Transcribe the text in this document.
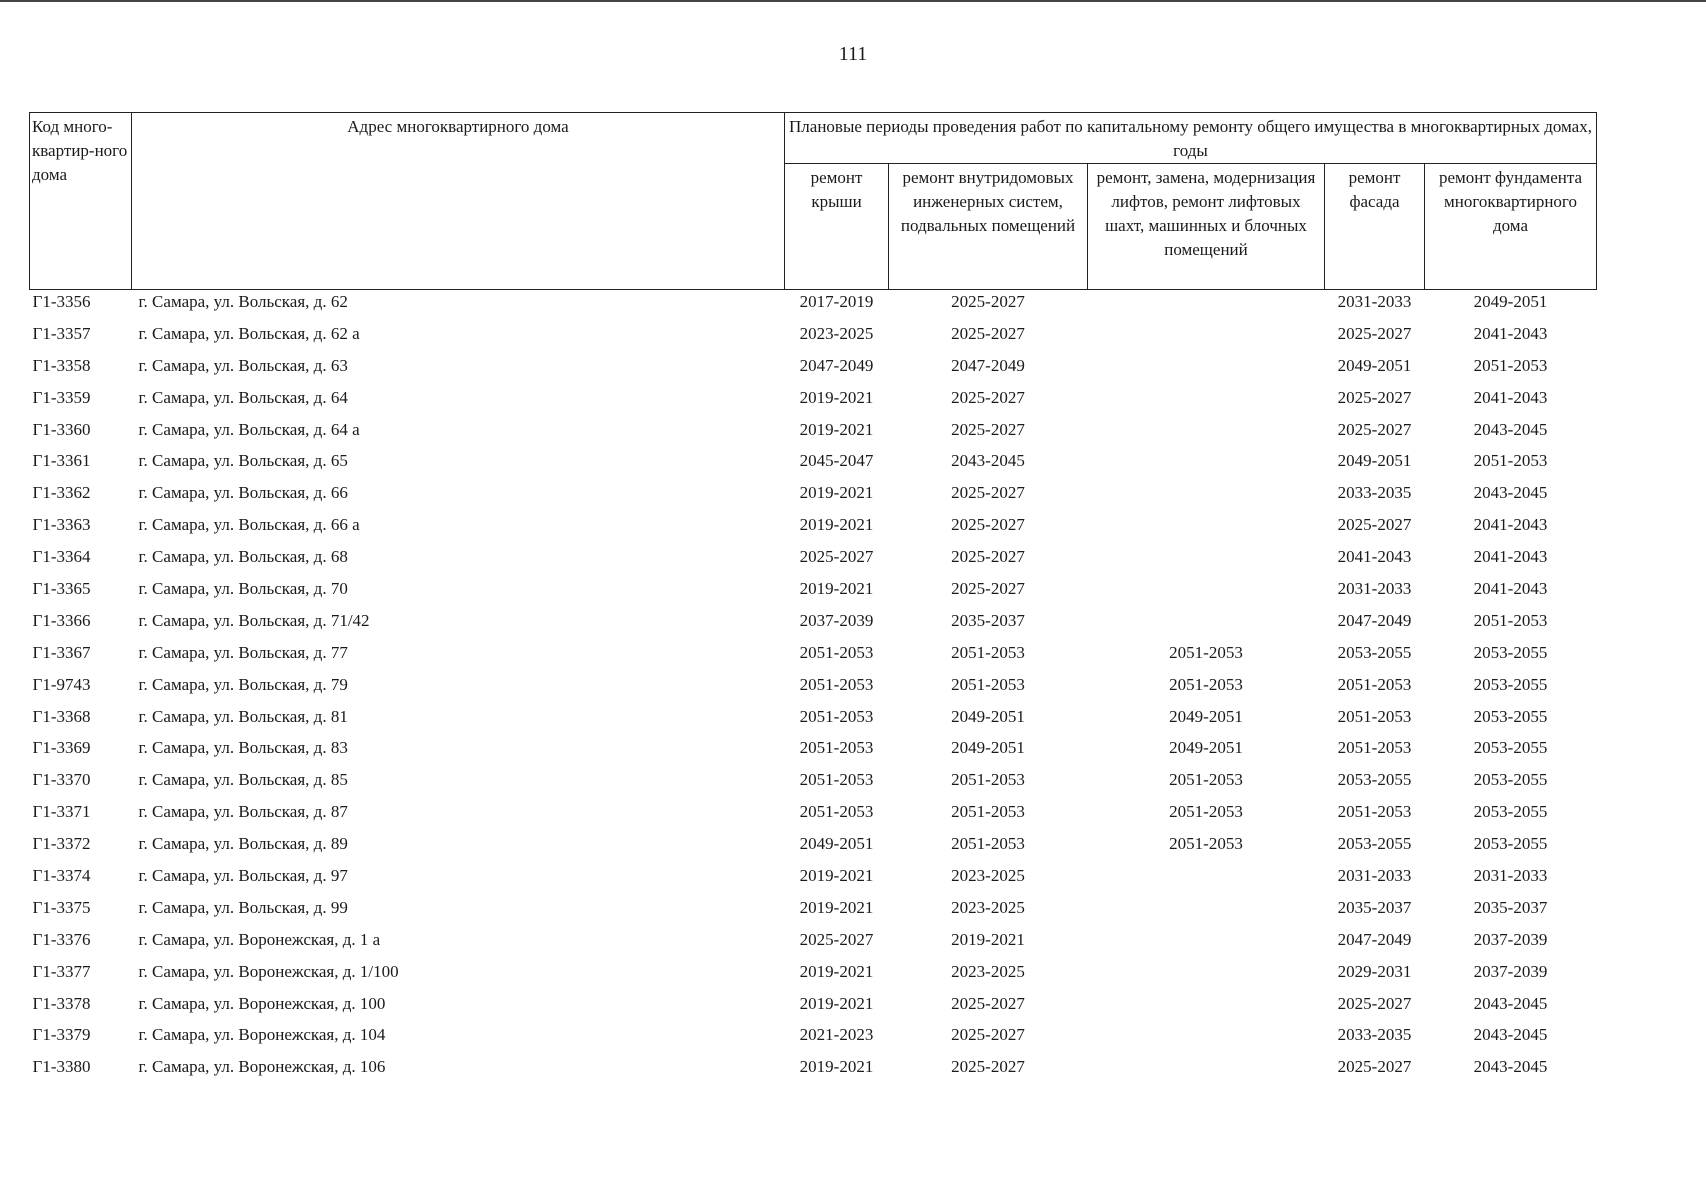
111
Код много-квартир-ного дома	Адрес многоквартирного дома	Плановые периоды проведения работ по капитальному ремонту общего имущества в многоквартирных домах, годы				
		ремонт крыши	ремонт внутридомовых инженерных систем, подвальных помещений	ремонт, замена, модернизация лифтов, ремонт лифтовых шахт, машинных и блочных помещений	ремонт фасада	ремонт фундамента многоквартирного дома
Г1-3356	г. Самара, ул. Вольская, д. 62	2017-2019	2025-2027		2031-2033	2049-2051
Г1-3357	г. Самара, ул. Вольская, д. 62 а	2023-2025	2025-2027		2025-2027	2041-2043
Г1-3358	г. Самара, ул. Вольская, д. 63	2047-2049	2047-2049		2049-2051	2051-2053
Г1-3359	г. Самара, ул. Вольская, д. 64	2019-2021	2025-2027		2025-2027	2041-2043
Г1-3360	г. Самара, ул. Вольская, д. 64 а	2019-2021	2025-2027		2025-2027	2043-2045
Г1-3361	г. Самара, ул. Вольская, д. 65	2045-2047	2043-2045		2049-2051	2051-2053
Г1-3362	г. Самара, ул. Вольская, д. 66	2019-2021	2025-2027		2033-2035	2043-2045
Г1-3363	г. Самара, ул. Вольская, д. 66 а	2019-2021	2025-2027		2025-2027	2041-2043
Г1-3364	г. Самара, ул. Вольская, д. 68	2025-2027	2025-2027		2041-2043	2041-2043
Г1-3365	г. Самара, ул. Вольская, д. 70	2019-2021	2025-2027		2031-2033	2041-2043
Г1-3366	г. Самара, ул. Вольская, д. 71/42	2037-2039	2035-2037		2047-2049	2051-2053
Г1-3367	г. Самара, ул. Вольская, д. 77	2051-2053	2051-2053	2051-2053	2053-2055	2053-2055
Г1-9743	г. Самара, ул. Вольская, д. 79	2051-2053	2051-2053	2051-2053	2051-2053	2053-2055
Г1-3368	г. Самара, ул. Вольская, д. 81	2051-2053	2049-2051	2049-2051	2051-2053	2053-2055
Г1-3369	г. Самара, ул. Вольская, д. 83	2051-2053	2049-2051	2049-2051	2051-2053	2053-2055
Г1-3370	г. Самара, ул. Вольская, д. 85	2051-2053	2051-2053	2051-2053	2053-2055	2053-2055
Г1-3371	г. Самара, ул. Вольская, д. 87	2051-2053	2051-2053	2051-2053	2051-2053	2053-2055
Г1-3372	г. Самара, ул. Вольская, д. 89	2049-2051	2051-2053	2051-2053	2053-2055	2053-2055
Г1-3374	г. Самара, ул. Вольская, д. 97	2019-2021	2023-2025		2031-2033	2031-2033
Г1-3375	г. Самара, ул. Вольская, д. 99	2019-2021	2023-2025		2035-2037	2035-2037
Г1-3376	г. Самара, ул. Воронежская, д. 1 а	2025-2027	2019-2021		2047-2049	2037-2039
Г1-3377	г. Самара, ул. Воронежская, д. 1/100	2019-2021	2023-2025		2029-2031	2037-2039
Г1-3378	г. Самара, ул. Воронежская, д. 100	2019-2021	2025-2027		2025-2027	2043-2045
Г1-3379	г. Самара, ул. Воронежская, д. 104	2021-2023	2025-2027		2033-2035	2043-2045
Г1-3380	г. Самара, ул. Воронежская, д. 106	2019-2021	2025-2027		2025-2027	2043-2045
